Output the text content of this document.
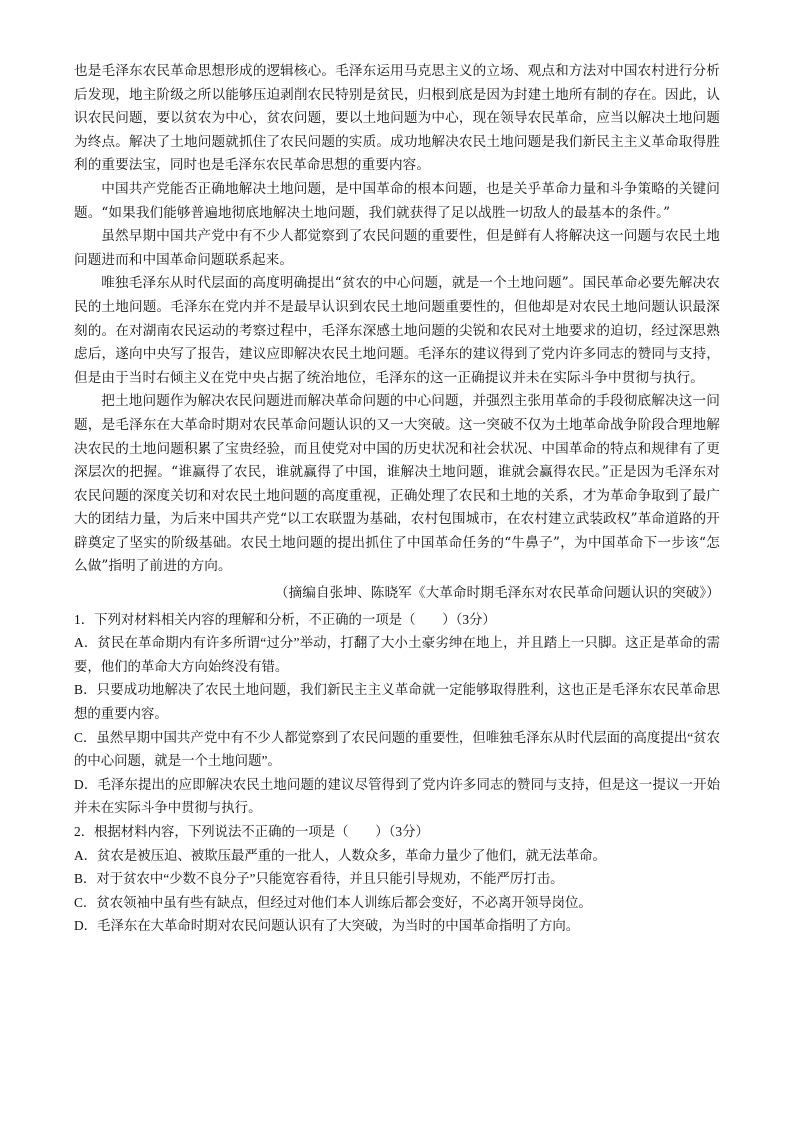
也是毛泽东农民革命思想形成的逻辑核心。毛泽东运用马克思主义的立场、观点和方法对中国农村进行分析后发现，地主阶级之所以能够压迫剥削农民特别是贫民，归根到底是因为封建土地所有制的存在。因此，认识农民问题，要以贫农为中心，贫农问题，要以土地问题为中心，现在领导农民革命，应当以解决土地问题为终点。解决了土地问题就抓住了农民问题的实质。成功地解决农民土地问题是我们新民主主义革命取得胜利的重要法宝，同时也是毛泽东农民革命思想的重要内容。

中国共产党能否正确地解决土地问题，是中国革命的根本问题，也是关乎革命力量和斗争策略的关键问题。“如果我们能够普遍地彻底地解决土地问题，我们就获得了足以战胜一切敌人的最基本的条件。”

虽然早期中国共产党中有不少人都觉察到了农民问题的重要性，但是鲜有人将解决这一问题与农民土地问题进而和中国革命问题联系起来。

唯独毛泽东从时代层面的高度明确提出“贫农的中心问题，就是一个土地问题”。国民革命必要先解决农民的土地问题。毛泽东在党内并不是最早认识到农民土地问题重要性的，但他却是对农民土地问题认识最深刻的。在对湖南农民运动的考察过程中，毛泽东深感土地问题的尖锐和农民对土地要求的迫切，经过深思熟虑后，遂向中央写了报告，建议应即解决农民土地问题。毛泽东的建议得到了党内许多同志的赞同与支持，但是由于当时右倾主义在党中央占据了统治地位，毛泽东的这一正确提议并未在实际斗争中贯彻与执行。

把土地问题作为解决农民问题进而解决革命问题的中心问题，并强烈主张用革命的手段彻底解决这一问题，是毛泽东在大革命时期对农民革命问题认识的又一大突破。这一突破不仅为土地革命战争阶段合理地解决农民的土地问题积累了宝贵经验，而且使党对中国的历史状况和社会状况、中国革命的特点和规律有了更深层次的把握。“谁赢得了农民，谁就赢得了中国，谁解决土地问题，谁就会赢得农民。”正是因为毛泽东对农民问题的深度关切和对农民土地问题的高度重视，正确处理了农民和土地的关系，才为革命争取到了最广大的团结力量，为后来中国共产党“以工农联盟为基础，农村包围城市，在农村建立武装政权”革命道路的开辟奠定了坚实的阶级基础。农民土地问题的提出抓住了中国革命任务的“牛鼻子”，为中国革命下一步该“怎么做”指明了前进的方向。

（摘编自张坤、陈晓军《大革命时期毛泽东对农民革命问题认识的突破》）

1．下列对材料相关内容的理解和分析，不正确的一项是（　　）（3分）

A．贫民在革命期内有许多所谓“过分”举动，打翻了大小土豪劣绅在地上，并且踏上一只脚。这正是革命的需要，他们的革命大方向始终没有错。

B．只要成功地解决了农民土地问题，我们新民主主义革命就一定能够取得胜利，这也正是毛泽东农民革命思想的重要内容。

C．虽然早期中国共产党中有不少人都觉察到了农民问题的重要性，但唯独毛泽东从时代层面的高度提出“贫农的中心问题，就是一个土地问题”。

D．毛泽东提出的应即解决农民土地问题的建议尽管得到了党内许多同志的赞同与支持，但是这一提议一开始并未在实际斗争中贯彻与执行。

2．根据材料内容，下列说法不正确的一项是（　　）（3分）

A．贫农是被压迫、被欺压最严重的一批人，人数众多，革命力量少了他们，就无法革命。

B．对于贫农中“少数不良分子”只能宽容看待，并且只能引导规劝，不能严厉打击。

C．贫农领袖中虽有些有缺点，但经过对他们本人训练后都会变好，不必离开领导岗位。

D．毛泽东在大革命时期对农民问题认识有了大突破，为当时的中国革命指明了方向。
